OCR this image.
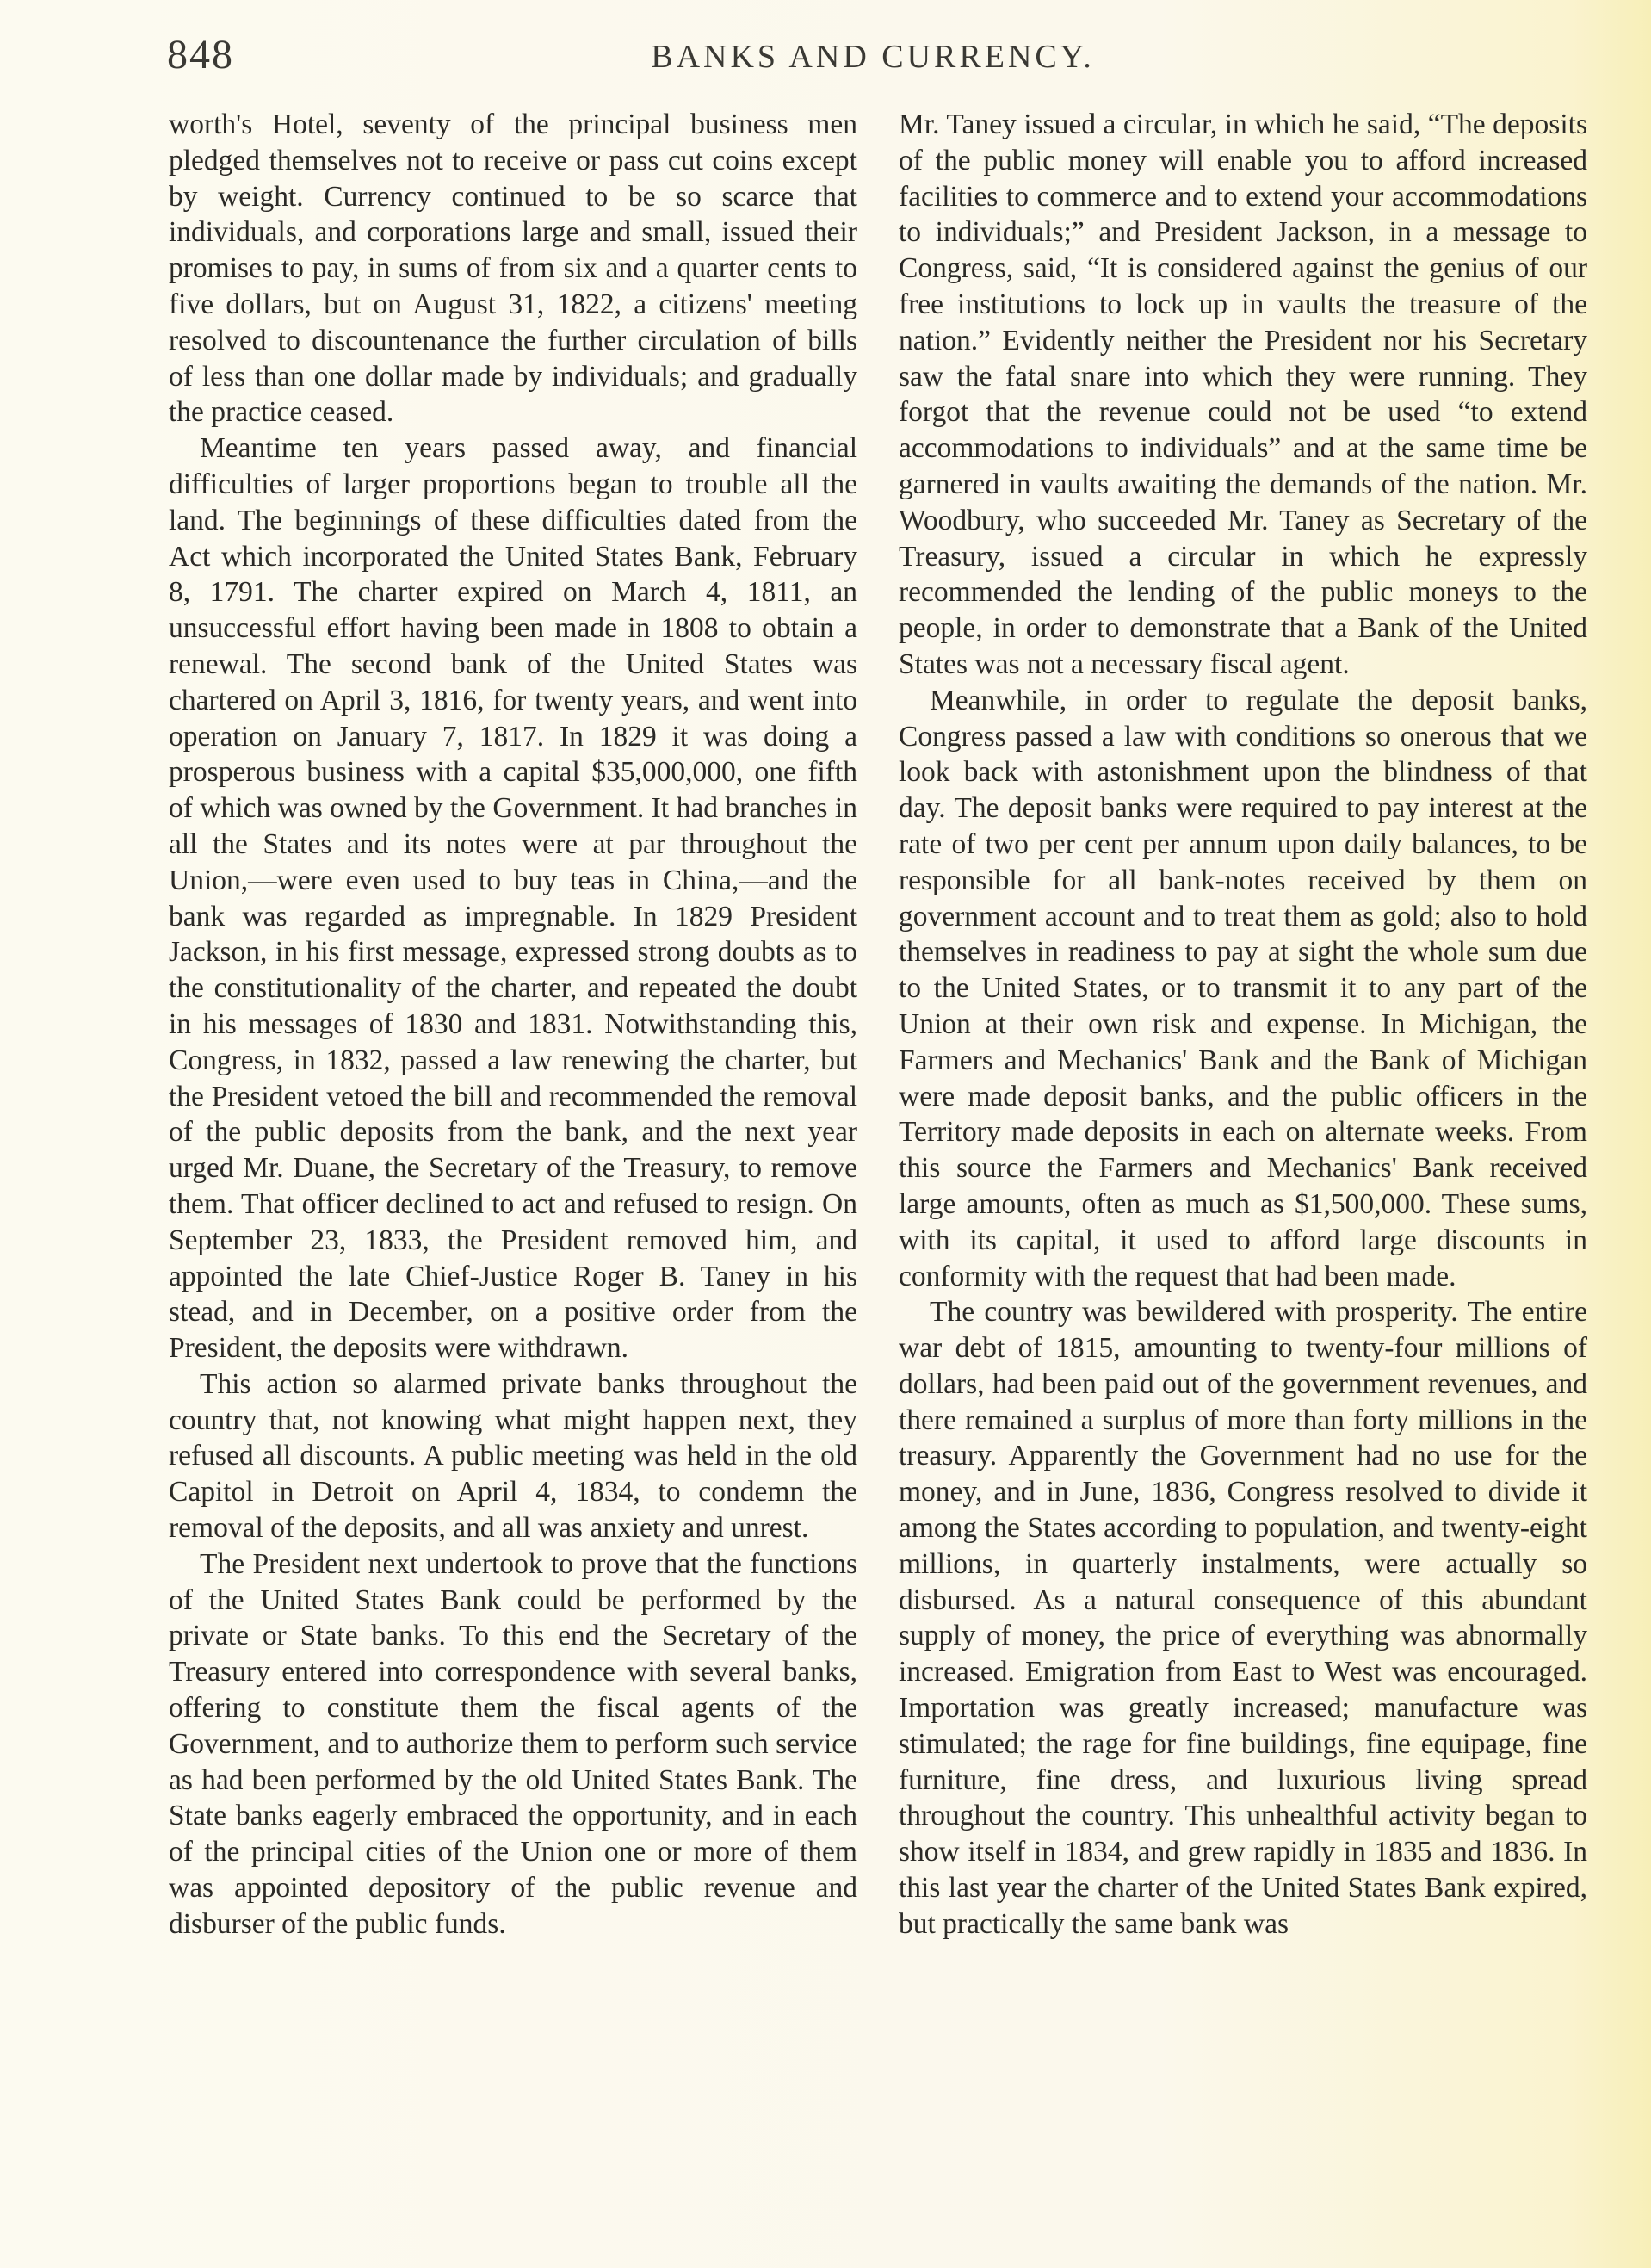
848	BANKS AND CURRENCY.

worth's Hotel, seventy of the principal business men pledged themselves not to receive or pass cut coins except by weight. Currency continued to be so scarce that individuals, and corporations large and small, issued their promises to pay, in sums of from six and a quarter cents to five dollars, but on August 31, 1822, a citizens' meeting resolved to discountenance the further circulation of bills of less than one dollar made by individuals; and gradually the practice ceased.

Meantime ten years passed away, and financial difficulties of larger proportions began to trouble all the land. The beginnings of these difficulties dated from the Act which incorporated the United States Bank, February 8, 1791. The charter expired on March 4, 1811, an unsuccessful effort having been made in 1808 to obtain a renewal. The second bank of the United States was chartered on April 3, 1816, for twenty years, and went into operation on January 7, 1817. In 1829 it was doing a prosperous business with a capital $35,000,000, one fifth of which was owned by the Government. It had branches in all the States and its notes were at par throughout the Union,—were even used to buy teas in China,—and the bank was regarded as impregnable. In 1829 President Jackson, in his first message, expressed strong doubts as to the constitutionality of the charter, and repeated the doubt in his messages of 1830 and 1831. Notwithstanding this, Congress, in 1832, passed a law renewing the charter, but the President vetoed the bill and recommended the removal of the public deposits from the bank, and the next year urged Mr. Duane, the Secretary of the Treasury, to remove them. That officer declined to act and refused to resign. On September 23, 1833, the President removed him, and appointed the late Chief-Justice Roger B. Taney in his stead, and in December, on a positive order from the President, the deposits were withdrawn.

This action so alarmed private banks throughout the country that, not knowing what might happen next, they refused all discounts. A public meeting was held in the old Capitol in Detroit on April 4, 1834, to condemn the removal of the deposits, and all was anxiety and unrest.

The President next undertook to prove that the functions of the United States Bank could be performed by the private or State banks. To this end the Secretary of the Treasury entered into correspondence with several banks, offering to constitute them the fiscal agents of the Government, and to authorize them to perform such service as had been performed by the old United States Bank. The State banks eagerly embraced the opportunity, and in each of the principal cities of the Union one or more of them was appointed depository of the public revenue and disburser of the public funds.

Mr. Taney issued a circular, in which he said, “The deposits of the public money will enable you to afford increased facilities to commerce and to extend your accommodations to individuals;” and President Jackson, in a message to Congress, said, “It is considered against the genius of our free institutions to lock up in vaults the treasure of the nation.” Evidently neither the President nor his Secretary saw the fatal snare into which they were running. They forgot that the revenue could not be used “to extend accommodations to individuals” and at the same time be garnered in vaults awaiting the demands of the nation. Mr. Woodbury, who succeeded Mr. Taney as Secretary of the Treasury, issued a circular in which he expressly recommended the lending of the public moneys to the people, in order to demonstrate that a Bank of the United States was not a necessary fiscal agent.

Meanwhile, in order to regulate the deposit banks, Congress passed a law with conditions so onerous that we look back with astonishment upon the blindness of that day. The deposit banks were required to pay interest at the rate of two per cent per annum upon daily balances, to be responsible for all bank-notes received by them on government account and to treat them as gold; also to hold themselves in readiness to pay at sight the whole sum due to the United States, or to transmit it to any part of the Union at their own risk and expense. In Michigan, the Farmers and Mechanics' Bank and the Bank of Michigan were made deposit banks, and the public officers in the Territory made deposits in each on alternate weeks. From this source the Farmers and Mechanics' Bank received large amounts, often as much as $1,500,000. These sums, with its capital, it used to afford large discounts in conformity with the request that had been made.

The country was bewildered with prosperity. The entire war debt of 1815, amounting to twenty-four millions of dollars, had been paid out of the government revenues, and there remained a surplus of more than forty millions in the treasury. Apparently the Government had no use for the money, and in June, 1836, Congress resolved to divide it among the States according to population, and twenty-eight millions, in quarterly instalments, were actually so disbursed. As a natural consequence of this abundant supply of money, the price of everything was abnormally increased. Emigration from East to West was encouraged. Importation was greatly increased; manufacture was stimulated; the rage for fine buildings, fine equipage, fine furniture, fine dress, and luxurious living spread throughout the country. This unhealthful activity began to show itself in 1834, and grew rapidly in 1835 and 1836. In this last year the charter of the United States Bank expired, but practically the same bank was
